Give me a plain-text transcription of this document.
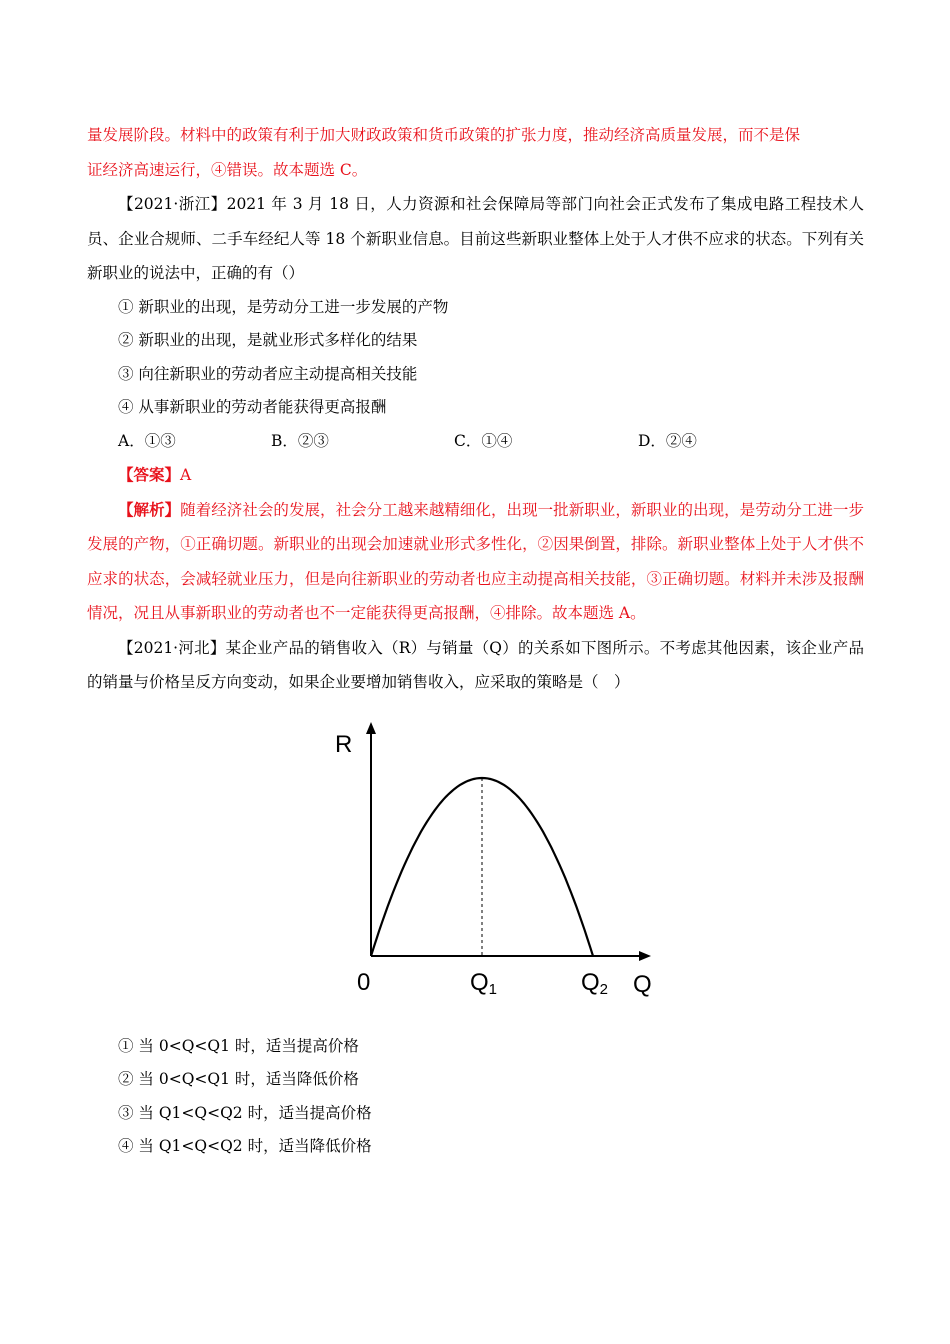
量发展阶段。材料中的政策有利于加大财政政策和货币政策的扩张力度，推动经济高质量发展，而不是保
证经济高速运行，④错误。故本题选 C。

【2021·浙江】2021 年 3 月 18 日，人力资源和社会保障局等部门向社会正式发布了集成电路工程技术人员、企业合规师、二手车经纪人等 18 个新职业信息。目前这些新职业整体上处于人才供不应求的状态。下列有关新职业的说法中，正确的有（）

① 新职业的出现，是劳动分工进一步发展的产物

② 新职业的出现，是就业形式多样化的结果

③ 向往新职业的劳动者应主动提高相关技能

④ 从事新职业的劳动者能获得更高报酬

A．①③	B．②③	C．①④	D．②④

【答案】A

【解析】随着经济社会的发展，社会分工越来越精细化，出现一批新职业，新职业的出现，是劳动分工进一步发展的产物，①正确切题。新职业的出现会加速就业形式多性化，②因果倒置，排除。新职业整体上处于人才供不应求的状态，会减轻就业压力，但是向往新职业的劳动者也应主动提高相关技能，③正确切题。材料并未涉及报酬情况，况且从事新职业的劳动者也不一定能获得更高报酬，④排除。故本题选 A。

【2021·河北】某企业产品的销售收入（R）与销量（Q）的关系如下图所示。不考虑其他因素，该企业产品的销量与价格呈反方向变动，如果企业要增加销售收入，应采取的策略是（　）

R
0	Q1	Q2 Q

① 当 0<Q<Q1 时，适当提高价格

② 当 0<Q<Q1 时，适当降低价格

③ 当 Q1<Q<Q2 时，适当提高价格

④ 当 Q1<Q<Q2 时，适当降低价格
